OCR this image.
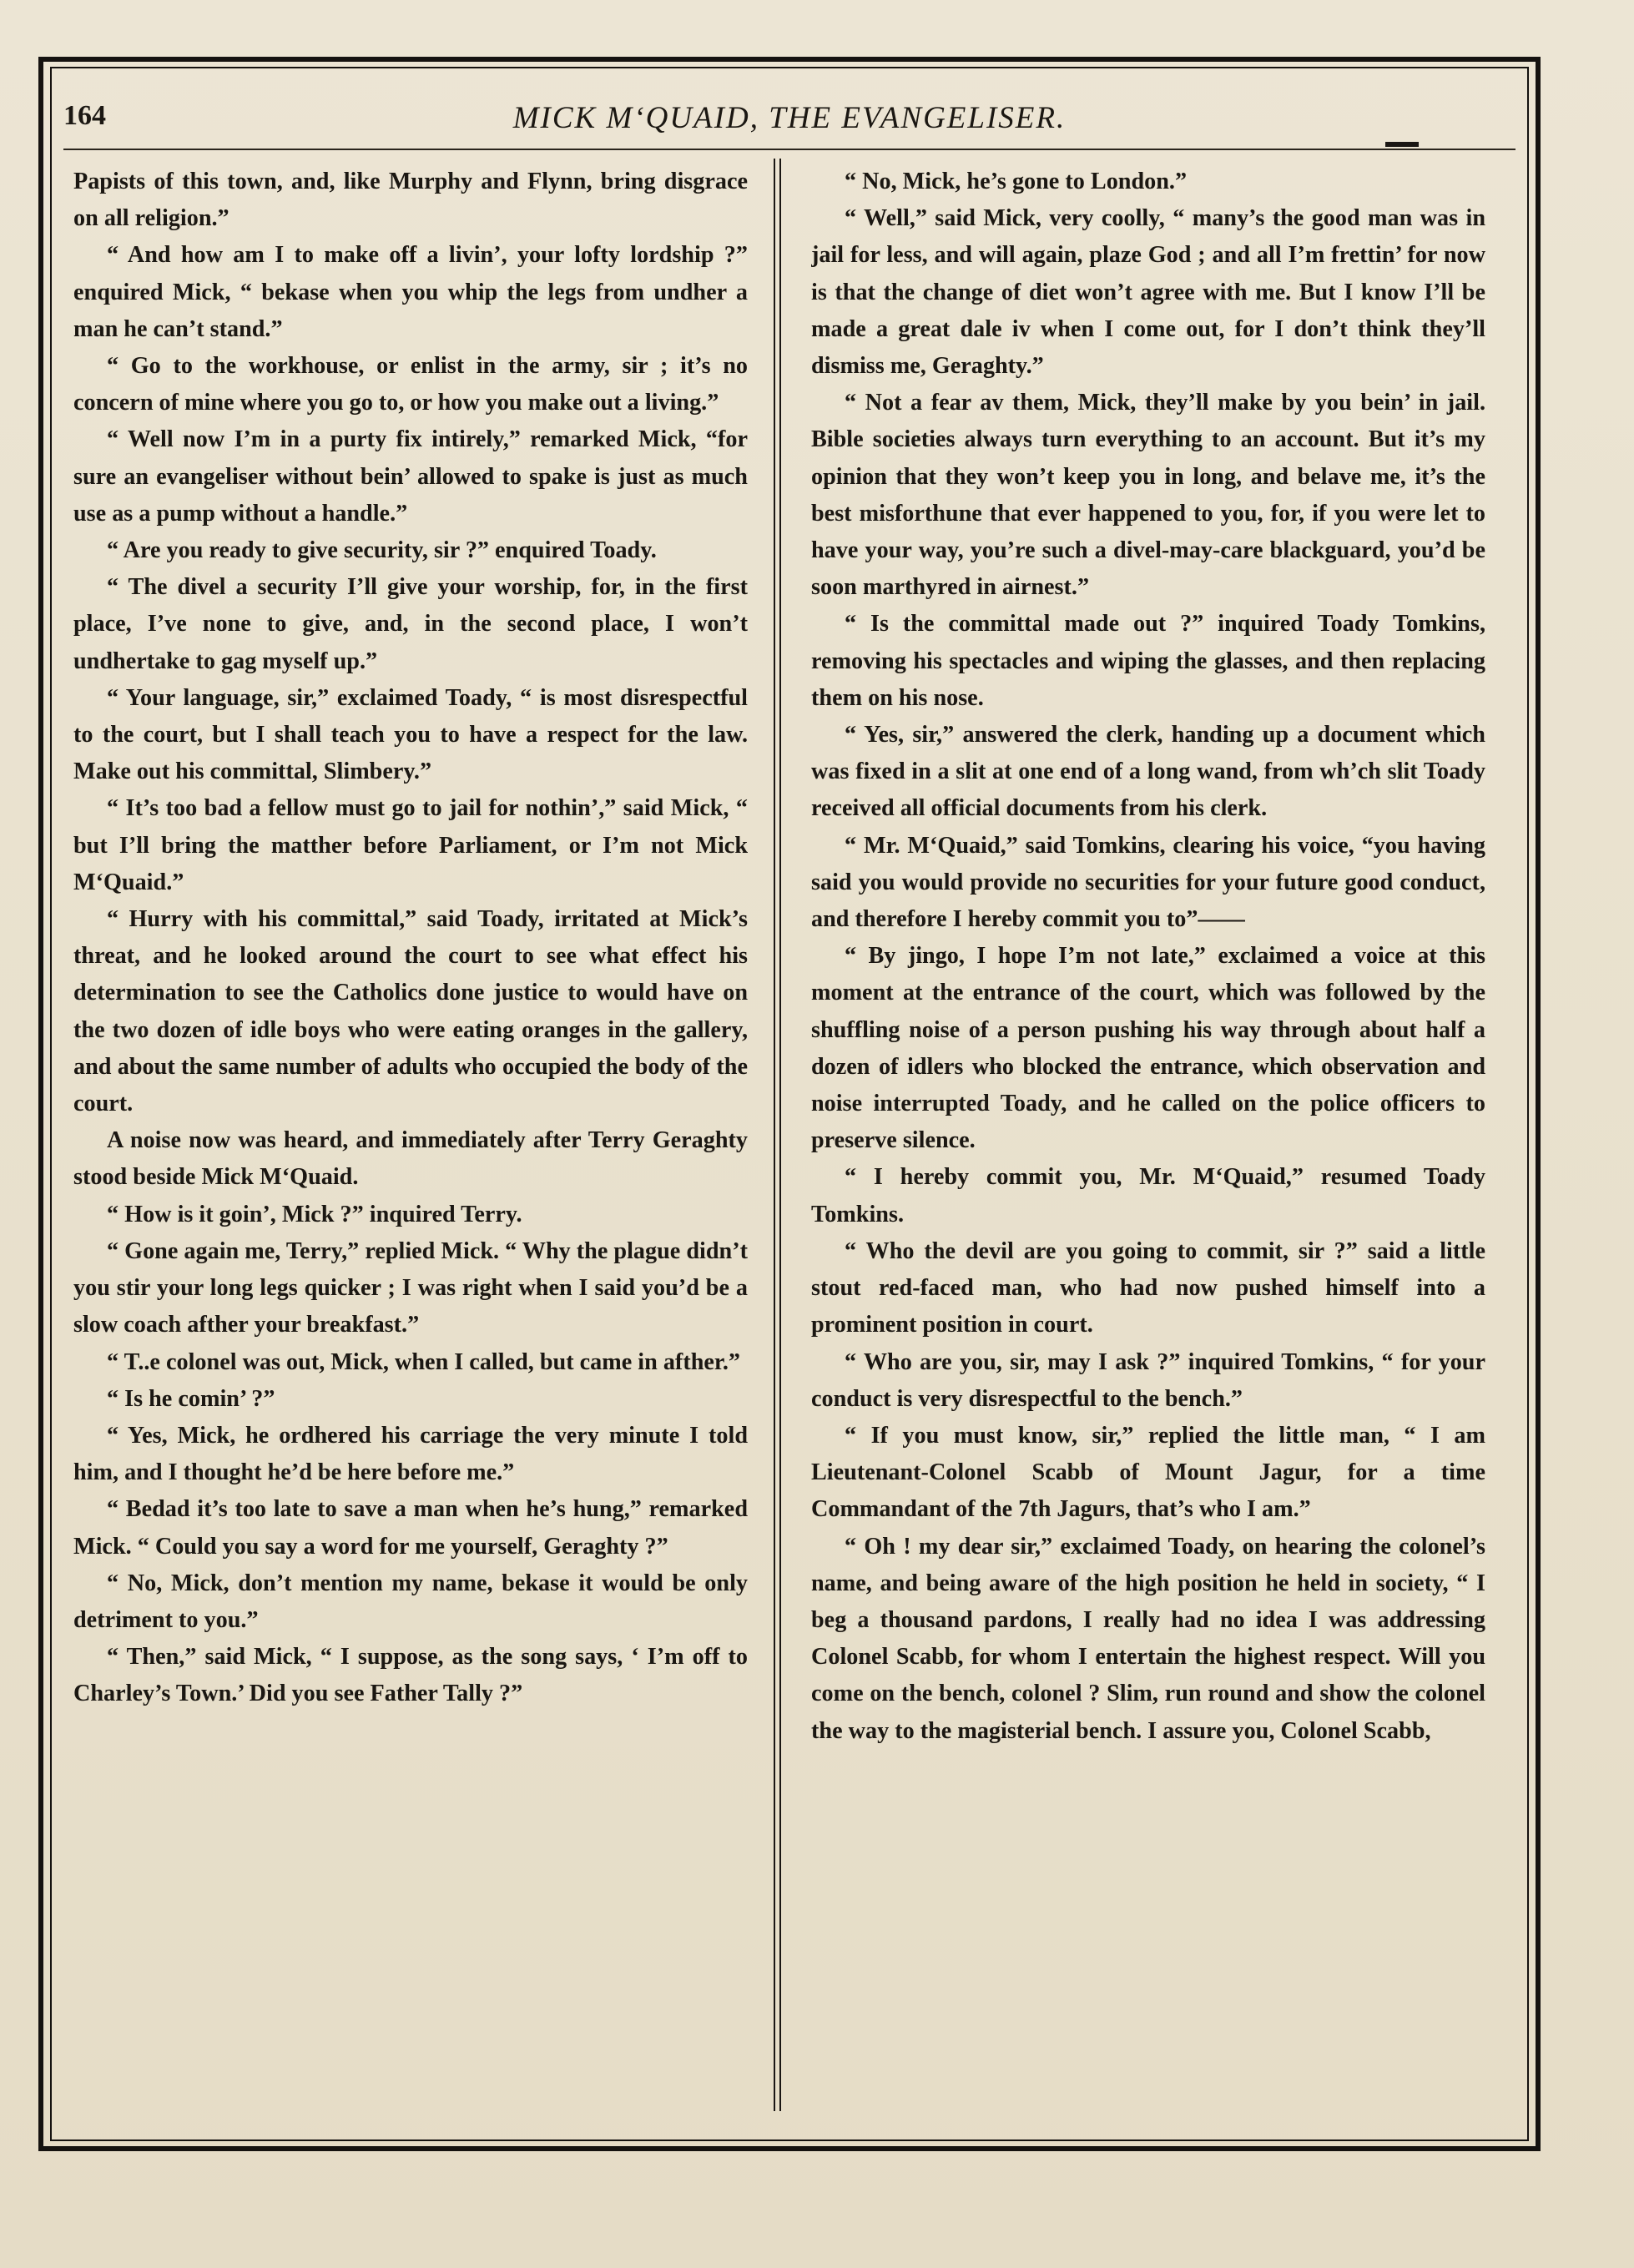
164	MICK M‘QUAID, THE EVANGELISER.

Papists of this town, and, like Murphy and Flynn, bring disgrace on all religion.”

“ And how am I to make off a livin’, your lofty lordship ?” enquired Mick, “ bekase when you whip the legs from undher a man he can’t stand.”

“ Go to the workhouse, or enlist in the army, sir ; it’s no concern of mine where you go to, or how you make out a living.”

“ Well now I’m in a purty fix intirely,” remarked Mick, “for sure an evangeliser without bein’ allowed to spake is just as much use as a pump without a handle.”

“ Are you ready to give security, sir ?” enquired Toady.

“ The divel a security I’ll give your worship, for, in the first place, I’ve none to give, and, in the second place, I won’t undhertake to gag myself up.”

“ Your language, sir,” exclaimed Toady, “ is most disrespectful to the court, but I shall teach you to have a respect for the law. Make out his committal, Slimbery.”

“ It’s too bad a fellow must go to jail for nothin’,” said Mick, “ but I’ll bring the matther before Parliament, or I’m not Mick M‘Quaid.”

“ Hurry with his committal,” said Toady, irritated at Mick’s threat, and he looked around the court to see what effect his determination to see the Catholics done justice to would have on the two dozen of idle boys who were eating oranges in the gallery, and about the same number of adults who occupied the body of the court.

A noise now was heard, and immediately after Terry Geraghty stood beside Mick M‘Quaid.

“ How is it goin’, Mick ?” inquired Terry.

“ Gone again me, Terry,” replied Mick. “ Why the plague didn’t you stir your long legs quicker ; I was right when I said you’d be a slow coach afther your breakfast.”

“ T..e colonel was out, Mick, when I called, but came in afther.”

“ Is he comin’ ?”

“ Yes, Mick, he ordhered his carriage the very minute I told him, and I thought he’d be here before me.”

“ Bedad it’s too late to save a man when he’s hung,” remarked Mick. “ Could you say a word for me yourself, Geraghty ?”

“ No, Mick, don’t mention my name, bekase it would be only detriment to you.”

“ Then,” said Mick, “ I suppose, as the song says, ‘ I’m off to Charley’s Town.’ Did you see Father Tally ?”

“ No, Mick, he’s gone to London.”

“ Well,” said Mick, very coolly, “ many’s the good man was in jail for less, and will again, plaze God ; and all I’m frettin’ for now is that the change of diet won’t agree with me. But I know I’ll be made a great dale iv when I come out, for I don’t think they’ll dismiss me, Geraghty.”

“ Not a fear av them, Mick, they’ll make by you bein’ in jail. Bible societies always turn everything to an account. But it’s my opinion that they won’t keep you in long, and belave me, it’s the best misforthune that ever happened to you, for, if you were let to have your way, you’re such a divel-may-care blackguard, you’d be soon marthyred in airnest.”

“ Is the committal made out ?” inquired Toady Tomkins, removing his spectacles and wiping the glasses, and then replacing them on his nose.

“ Yes, sir,” answered the clerk, handing up a document which was fixed in a slit at one end of a long wand, from wh’ch slit Toady received all official documents from his clerk.

“ Mr. M‘Quaid,” said Tomkins, clearing his voice, “you having said you would provide no securities for your future good conduct, and therefore I hereby commit you to”——

“ By jingo, I hope I’m not late,” exclaimed a voice at this moment at the entrance of the court, which was followed by the shuffling noise of a person pushing his way through about half a dozen of idlers who blocked the entrance, which observation and noise interrupted Toady, and he called on the police officers to preserve silence.

“ I hereby commit you, Mr. M‘Quaid,” resumed Toady Tomkins.

“ Who the devil are you going to commit, sir ?” said a little stout red-faced man, who had now pushed himself into a prominent position in court.

“ Who are you, sir, may I ask ?” inquired Tomkins, “ for your conduct is very disrespectful to the bench.”

“ If you must know, sir,” replied the little man, “ I am Lieutenant-Colonel Scabb of Mount Jagur, for a time Commandant of the 7th Jagurs, that’s who I am.”

“ Oh ! my dear sir,” exclaimed Toady, on hearing the colonel’s name, and being aware of the high position he held in society, “ I beg a thousand pardons, I really had no idea I was addressing Colonel Scabb, for whom I entertain the highest respect. Will you come on the bench, colonel ? Slim, run round and show the colonel the way to the magisterial bench. I assure you, Colonel Scabb,
